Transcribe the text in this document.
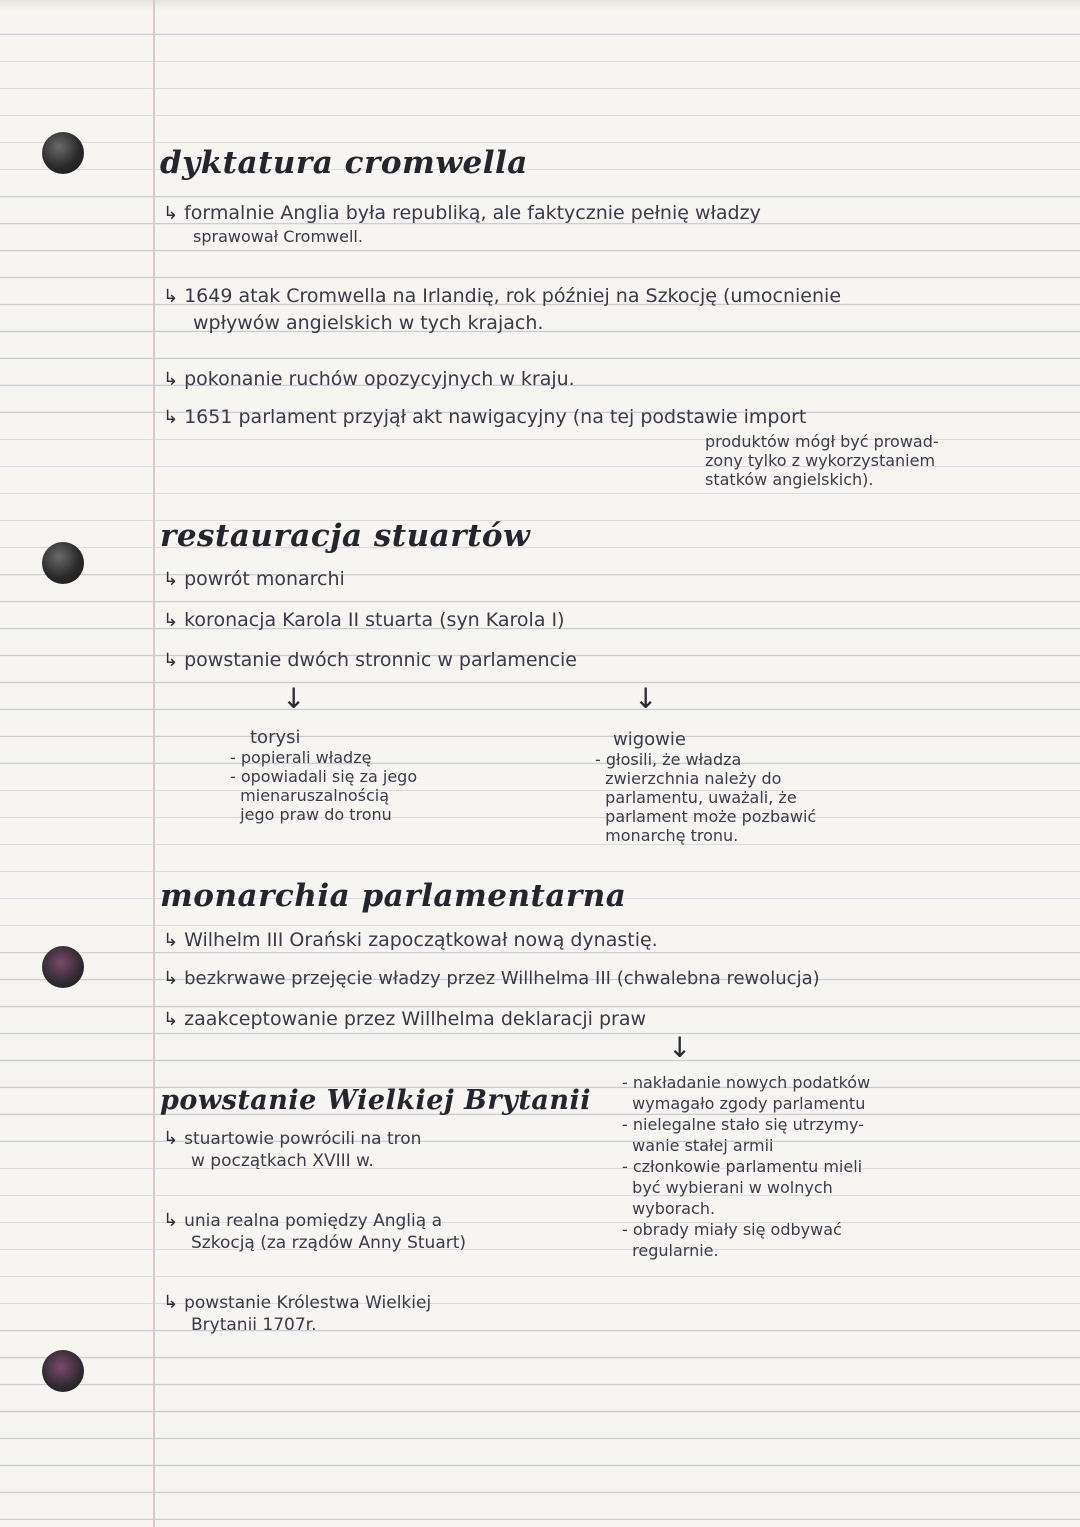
dyktatura cromwella
↳ formalnie Anglia była republiką, ale faktycznie pełnię władzy
sprawował Cromwell.
↳ 1649 atak Cromwella na Irlandię, rok później na Szkocję (umocnienie
wpływów angielskich w tych krajach.
↳ pokonanie ruchów opozycyjnych w kraju.
↳ 1651 parlament przyjął akt nawigacyjny (na tej podstawie import
produktów mógł być prowad-
zony tylko z wykorzystaniem
statków angielskich).
restauracja stuartów
↳ powrót monarchi
↳ koronacja Karola II stuarta (syn Karola I)
↳ powstanie dwóch stronnic w parlamencie
↓	↓
torysi
- popierali władzę
- opowiadali się za jego
mienaruszalnością
jego praw do tronu
wigowie
- głosili, że władza
zwierzchnia należy do
parlamentu, uważali, że
parlament może pozbawić
monarchę tronu.
monarchia parlamentarna
↳ Wilhelm III Orański zapoczątkował nową dynastię.
↳ bezkrwawe przejęcie władzy przez Willhelma III (chwalebna rewolucja)
↳ zaakceptowanie przez Willhelma deklaracji praw
↓
- nakładanie nowych podatków
wymagało zgody parlamentu
- nielegalne stało się utrzymy-
wanie stałej armii
- członkowie parlamentu mieli
być wybierani w wolnych
wyborach.
- obrady miały się odbywać
regularnie.
powstanie Wielkiej Brytanii
↳ stuartowie powrócili na tron
w początkach XVIII w.
↳ unia realna pomiędzy Anglią a
Szkocją (za rządów Anny Stuart)
↳ powstanie Królestwa Wielkiej
Brytanii 1707r.
